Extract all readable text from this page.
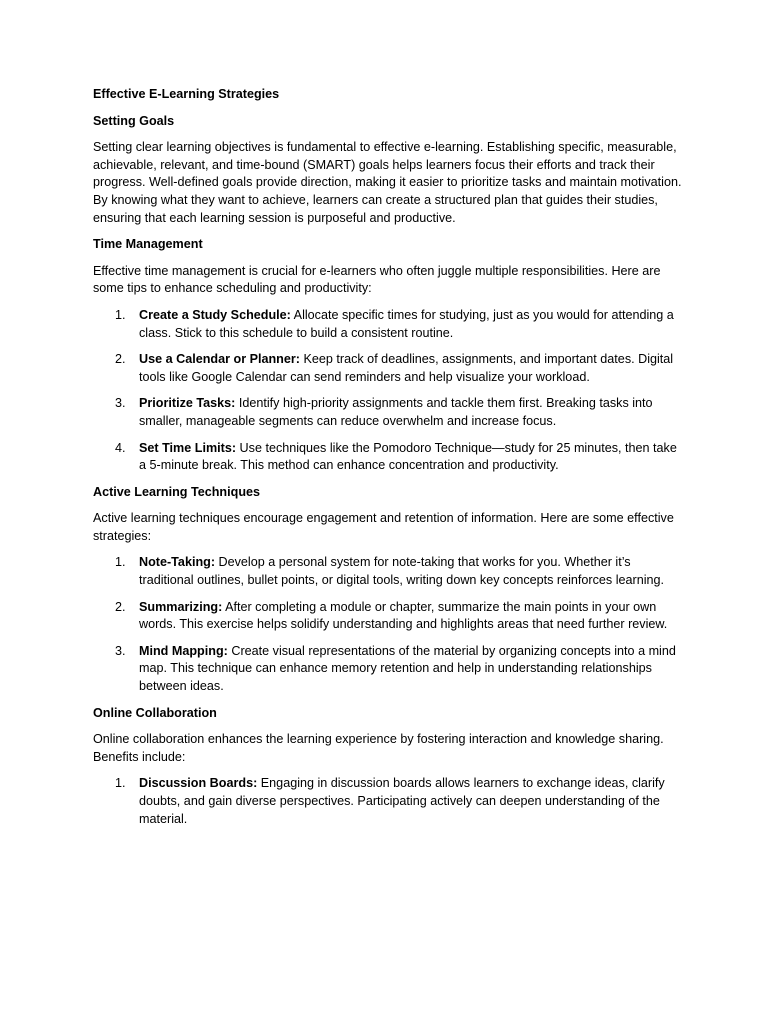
Effective E-Learning Strategies

Setting Goals

Setting clear learning objectives is fundamental to effective e-learning. Establishing specific, measurable, achievable, relevant, and time-bound (SMART) goals helps learners focus their efforts and track their progress. Well-defined goals provide direction, making it easier to prioritize tasks and maintain motivation. By knowing what they want to achieve, learners can create a structured plan that guides their studies, ensuring that each learning session is purposeful and productive.

Time Management

Effective time management is crucial for e-learners who often juggle multiple responsibilities. Here are some tips to enhance scheduling and productivity:

1. Create a Study Schedule: Allocate specific times for studying, just as you would for attending a class. Stick to this schedule to build a consistent routine.
2. Use a Calendar or Planner: Keep track of deadlines, assignments, and important dates. Digital tools like Google Calendar can send reminders and help visualize your workload.
3. Prioritize Tasks: Identify high-priority assignments and tackle them first. Breaking tasks into smaller, manageable segments can reduce overwhelm and increase focus.
4. Set Time Limits: Use techniques like the Pomodoro Technique—study for 25 minutes, then take a 5-minute break. This method can enhance concentration and productivity.

Active Learning Techniques

Active learning techniques encourage engagement and retention of information. Here are some effective strategies:

1. Note-Taking: Develop a personal system for note-taking that works for you. Whether it’s traditional outlines, bullet points, or digital tools, writing down key concepts reinforces learning.
2. Summarizing: After completing a module or chapter, summarize the main points in your own words. This exercise helps solidify understanding and highlights areas that need further review.
3. Mind Mapping: Create visual representations of the material by organizing concepts into a mind map. This technique can enhance memory retention and help in understanding relationships between ideas.

Online Collaboration

Online collaboration enhances the learning experience by fostering interaction and knowledge sharing. Benefits include:

1. Discussion Boards: Engaging in discussion boards allows learners to exchange ideas, clarify doubts, and gain diverse perspectives. Participating actively can deepen understanding of the material.
